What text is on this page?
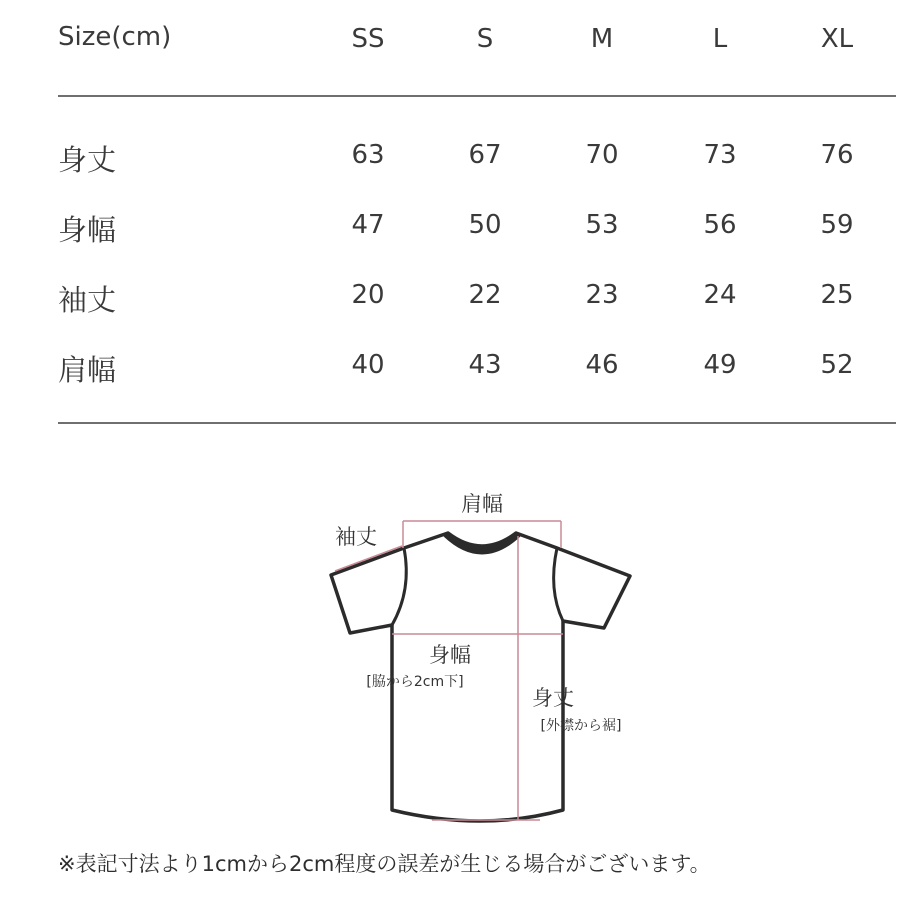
Size(cm)	SS	S	M	L	XL
身丈	63	67	70	73	76
身幅	47	50	53	56	59
袖丈	20	22	23	24	25
肩幅	40	43	46	49	52
肩幅
袖丈
身幅
[脇から2cm下]
身丈
[外襟から裾]
※表記寸法より1cmから2cm程度の誤差が生じる場合がございます。
